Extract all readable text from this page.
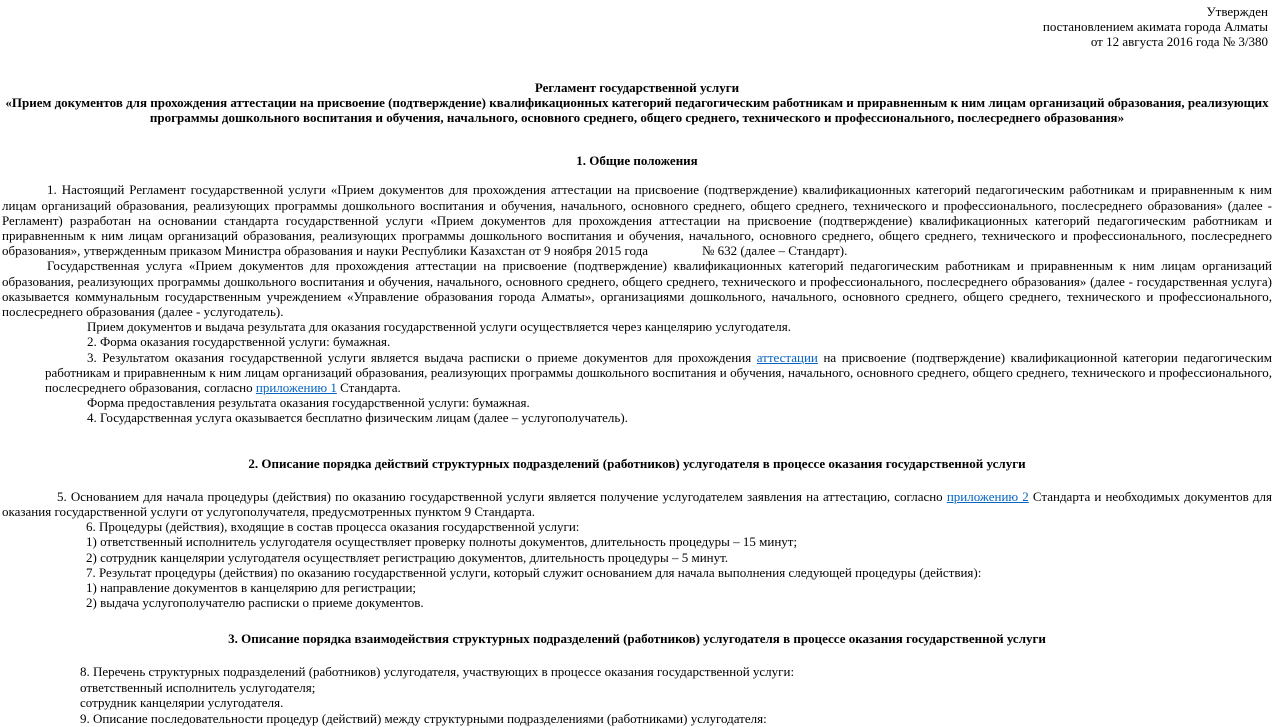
Утвержден

постановлением акимата города Алматы

от 12 августа 2016 года № 3/380

Регламент государственной услуги

«Прием документов для прохождения аттестации на присвоение (подтверждение) квалификационных категорий педагогическим работникам и приравненным к ним лицам организаций образования, реализующих программы дошкольного воспитания и обучения, начального, основного среднего, общего среднего, технического и профессионального, послесреднего образования»

1. Общие положения

1. Настоящий Регламент государственной услуги «Прием документов для прохождения аттестации на присвоение (подтверждение) квалификационных категорий педагогическим работникам и приравненным к ним лицам организаций образования, реализующих программы дошкольного воспитания и обучения, начального, основного среднего, общего среднего, технического и профессионального, послесреднего образования» (далее - Регламент) разработан на основании стандарта государственной услуги «Прием документов для прохождения аттестации на присвоение (подтверждение) квалификационных категорий педагогическим работникам и приравненным к ним лицам организаций образования, реализующих программы дошкольного воспитания и обучения, начального, основного среднего, общего среднего, технического и профессионального, послесреднего образования», утвержденным приказом Министра образования и науки Республики Казахстан от 9 ноября 2015 года	№ 632 (далее – Стандарт).

Государственная услуга «Прием документов для прохождения аттестации на присвоение (подтверждение) квалификационных категорий педагогическим работникам и приравненным к ним лицам организаций образования, реализующих программы дошкольного воспитания и обучения, начального, основного среднего, общего среднего, технического и профессионального, послесреднего образования» (далее - государственная услуга) оказывается коммунальным государственным учреждением «Управление образования города Алматы», организациями дошкольного, начального, основного среднего, общего среднего, технического и профессионального, послесреднего образования (далее - услугодатель).

Прием документов и выдача результата для оказания государственной услуги осуществляется через канцелярию услугодателя.

2. Форма оказания государственной услуги: бумажная.

3. Результатом оказания государственной услуги является выдача расписки о приеме документов для прохождения аттестации на присвоение (подтверждение) квалификационной категории педагогическим работникам и приравненным к ним лицам организаций образования, реализующих программы дошкольного воспитания и обучения, начального, основного среднего, общего среднего, технического и профессионального, послесреднего образования, согласно приложению 1 Стандарта.

Форма предоставления результата оказания государственной услуги: бумажная.

4. Государственная услуга оказывается бесплатно физическим лицам (далее – услугополучатель).

2. Описание порядка действий структурных подразделений (работников) услугодателя в процессе оказания государственной услуги

5. Основанием для начала процедуры (действия) по оказанию государственной услуги является получение услугодателем заявления на аттестацию, согласно приложению 2 Стандарта и необходимых документов для оказания государственной услуги от услугополучателя, предусмотренных пунктом 9 Стандарта.

6. Процедуры (действия), входящие в состав процесса оказания государственной услуги:

1) ответственный исполнитель услугодателя осуществляет проверку полноты документов, длительность процедуры – 15 минут;

2) сотрудник канцелярии услугодателя осуществляет регистрацию документов, длительность процедуры – 5 минут.

7. Результат процедуры (действия) по оказанию государственной услуги, который служит основанием для начала выполнения следующей процедуры (действия):

1) направление документов в канцелярию для регистрации;

2) выдача услугополучателю расписки о приеме документов.

3. Описание порядка взаимодействия структурных подразделений (работников) услугодателя в процессе оказания государственной услуги

8. Перечень структурных подразделений (работников) услугодателя, участвующих в процессе оказания государственной услуги:

ответственный исполнитель услугодателя;

сотрудник канцелярии услугодателя.

9. Описание последовательности процедур (действий) между структурными подразделениями (работниками) услугодателя:
